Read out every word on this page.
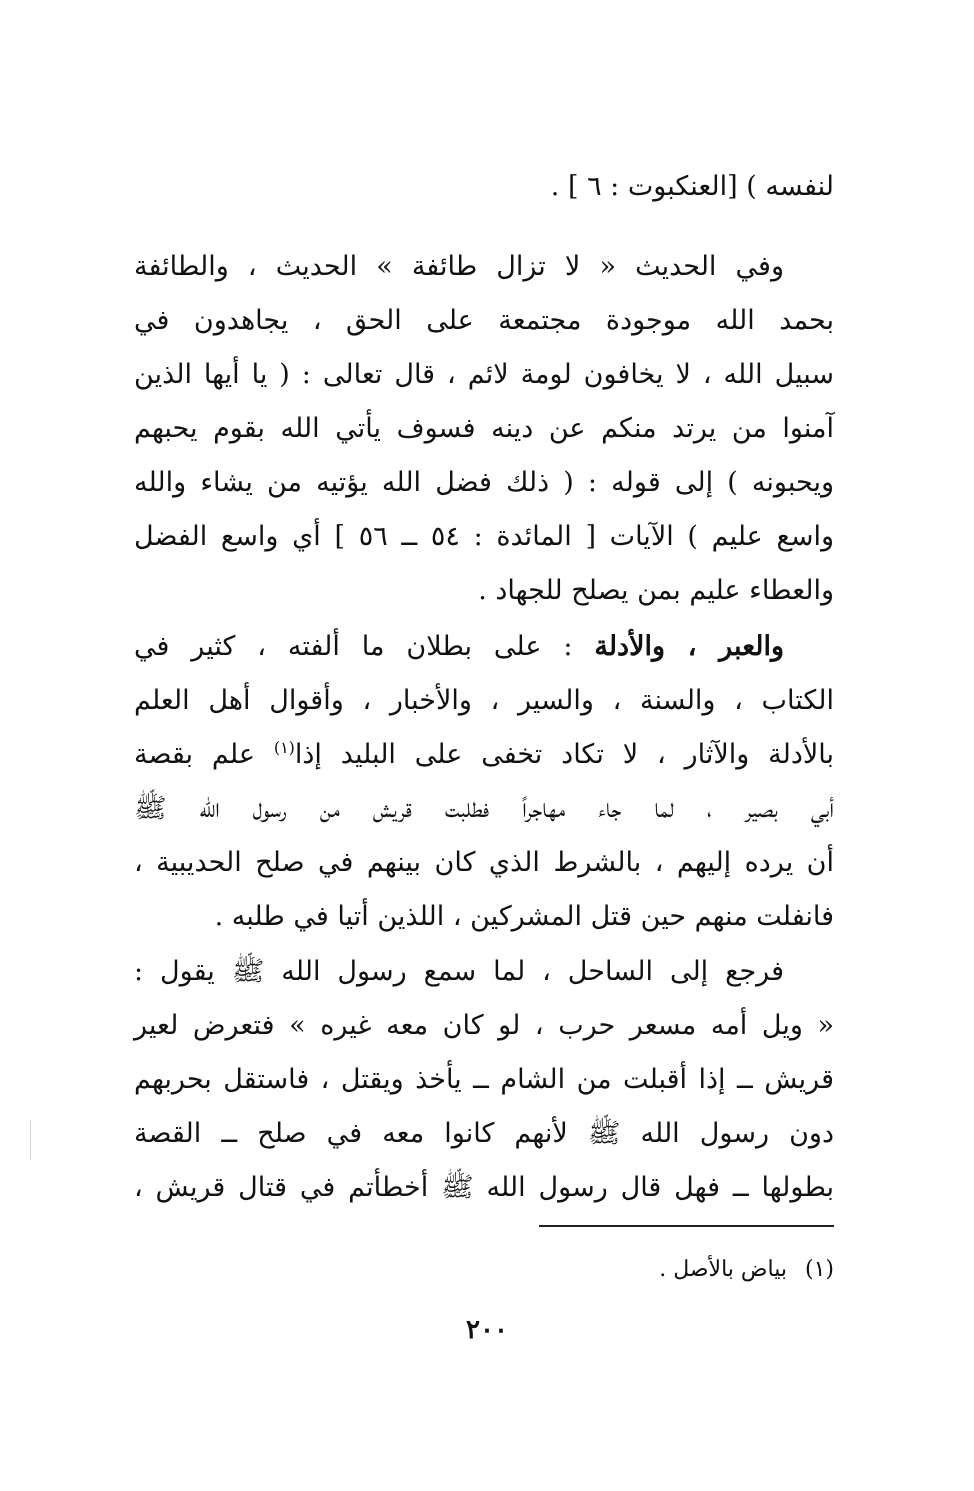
لنفسه ) [العنكبوت : ٦ ] .
وفي الحديث « لا تزال طائفة » الحديث ، والطائفة
بحمد الله موجودة مجتمعة على الحق ، يجاهدون في
سبيل الله ، لا يخافون لومة لائم ، قال تعالى : ( يا أيها الذين
آمنوا من يرتد منكم عن دينه فسوف يأتي الله بقوم يحبهم
ويحبونه ) إلى قوله : ( ذلك فضل الله يؤتيه من يشاء والله
واسع عليم ) الآيات [ المائدة : ٥٤ ــ ٥٦ ] أي واسع الفضل
والعطاء عليم بمن يصلح للجهاد .
والعبر ، والأدلة : على بطلان ما ألفته ، كثير في
الكتاب ، والسنة ، والسير ، والأخبار ، وأقوال أهل العلم
بالأدلة والآثار ، لا تكاد تخفى على البليد إذا$^{(١)}$ علم بقصة
أبي بصير ، لما جاء مهاجراً فطلبت قريش من رسول الله ﷺ
أن يرده إليهم ، بالشرط الذي كان بينهم في صلح الحديبية ،
فانفلت منهم حين قتل المشركين ، اللذين أتيا في طلبه .
فرجع إلى الساحل ، لما سمع رسول الله ﷺ يقول :
« ويل أمه مسعر حرب ، لو كان معه غيره » فتعرض لعير
قريش ــ إذا أقبلت من الشام ــ يأخذ ويقتل ، فاستقل بحربهم
دون رسول الله ﷺ لأنهم كانوا معه في صلح ــ القصة
بطولها ــ فهل قال رسول الله ﷺ أخطأتم في قتال قريش ،
(١)بياض بالأصل .
٢٠٠
